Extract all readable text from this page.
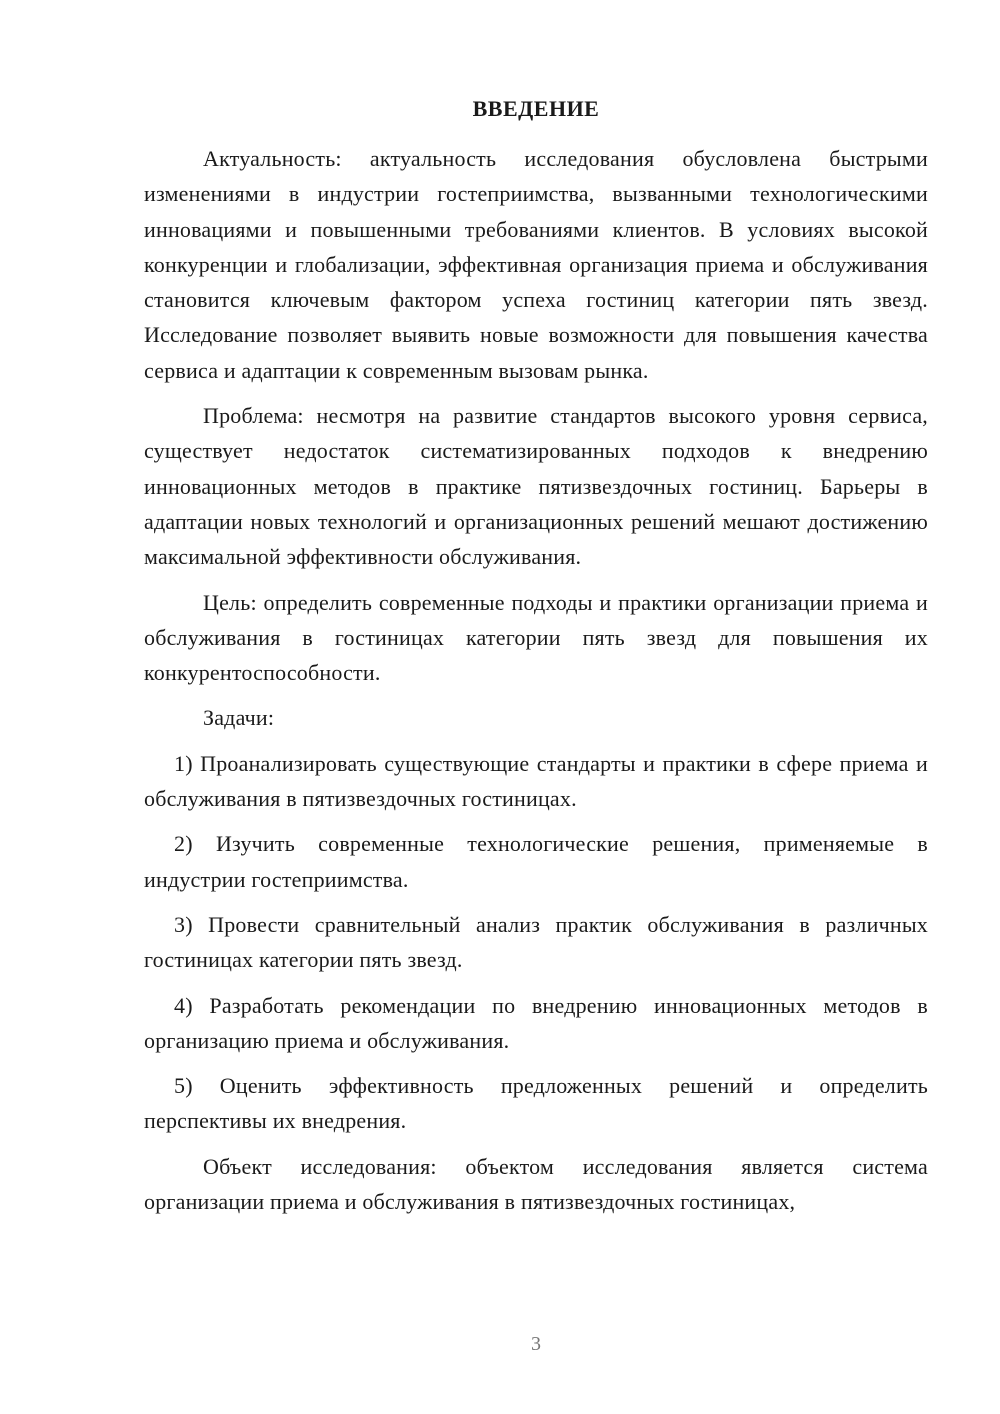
ВВЕДЕНИЕ

Актуальность: актуальность исследования обусловлена быстрыми изменениями в индустрии гостеприимства, вызванными технологическими инновациями и повышенными требованиями клиентов. В условиях высокой конкуренции и глобализации, эффективная организация приема и обслуживания становится ключевым фактором успеха гостиниц категории пять звезд. Исследование позволяет выявить новые возможности для повышения качества сервиса и адаптации к современным вызовам рынка.

Проблема: несмотря на развитие стандартов высокого уровня сервиса, существует недостаток систематизированных подходов к внедрению инновационных методов в практике пятизвездочных гостиниц. Барьеры в адаптации новых технологий и организационных решений мешают достижению максимальной эффективности обслуживания.

Цель: определить современные подходы и практики организации приема и обслуживания в гостиницах категории пять звезд для повышения их конкурентоспособности.

Задачи:

1) Проанализировать существующие стандарты и практики в сфере приема и обслуживания в пятизвездочных гостиницах.

2) Изучить современные технологические решения, применяемые в индустрии гостеприимства.

3) Провести сравнительный анализ практик обслуживания в различных гостиницах категории пять звезд.

4) Разработать рекомендации по внедрению инновационных методов в организацию приема и обслуживания.

5) Оценить эффективность предложенных решений и определить перспективы их внедрения.

Объект исследования: объектом исследования является система организации приема и обслуживания в пятизвездочных гостиницах,

3
